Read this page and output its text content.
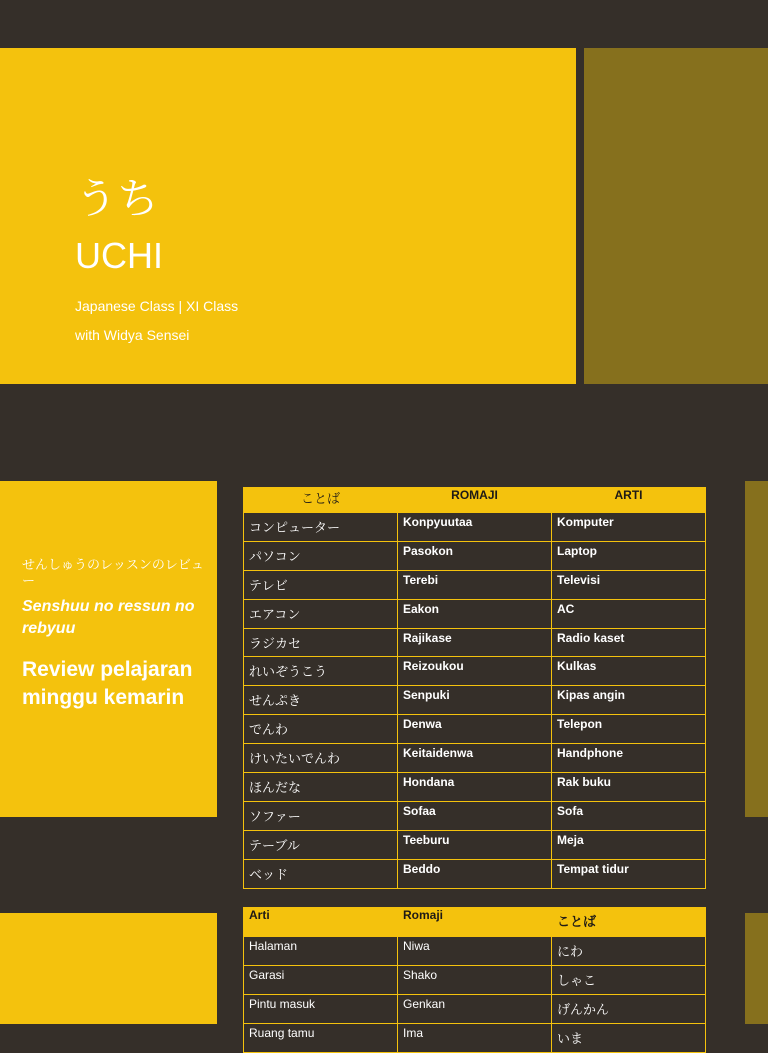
うち
UCHI
Japanese Class | XI Class
with Widya Sensei
せんしゅうのレッスンのレビュー
Senshuu no ressun no rebyuu
Review pelajaran minggu kemarin
ことば	ROMAJI	ARTI
コンピューター	Konpyuutaa	Komputer
パソコン	Pasokon	Laptop
テレビ	Terebi	Televisi
エアコン	Eakon	AC
ラジカセ	Rajikase	Radio kaset
れいぞうこう	Reizoukou	Kulkas
せんぷき	Senpuki	Kipas angin
でんわ	Denwa	Telepon
けいたいでんわ	Keitaidenwa	Handphone
ほんだな	Hondana	Rak buku
ソファー	Sofaa	Sofa
テーブル	Teeburu	Meja
ベッド	Beddo	Tempat tidur
Arti	Romaji	ことば
Halaman	Niwa	にわ
Garasi	Shako	しゃこ
Pintu masuk	Genkan	げんかん
Ruang tamu	Ima	いま
